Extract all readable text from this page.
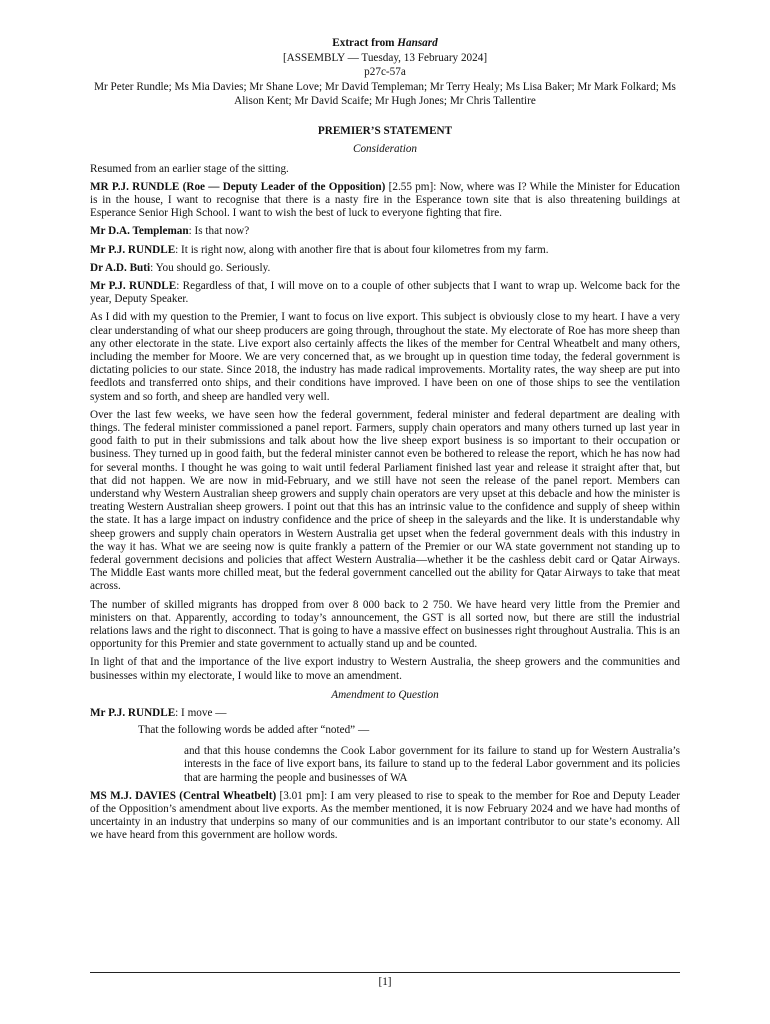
Extract from Hansard
[ASSEMBLY — Tuesday, 13 February 2024]
p27c-57a
Mr Peter Rundle; Ms Mia Davies; Mr Shane Love; Mr David Templeman; Mr Terry Healy; Ms Lisa Baker; Mr Mark Folkard; Ms Alison Kent; Mr David Scaife; Mr Hugh Jones; Mr Chris Tallentire
PREMIER’S STATEMENT
Consideration

Resumed from an earlier stage of the sitting.

MR P.J. RUNDLE (Roe — Deputy Leader of the Opposition) [2.55 pm]: Now, where was I? While the Minister for Education is in the house, I want to recognise that there is a nasty fire in the Esperance town site that is also threatening buildings at Esperance Senior High School. I want to wish the best of luck to everyone fighting that fire.

Mr D.A. Templeman: Is that now?

Mr P.J. RUNDLE: It is right now, along with another fire that is about four kilometres from my farm.

Dr A.D. Buti: You should go. Seriously.

Mr P.J. RUNDLE: Regardless of that, I will move on to a couple of other subjects that I want to wrap up. Welcome back for the year, Deputy Speaker.

As I did with my question to the Premier, I want to focus on live export. This subject is obviously close to my heart. I have a very clear understanding of what our sheep producers are going through, throughout the state. My electorate of Roe has more sheep than any other electorate in the state. Live export also certainly affects the likes of the member for Central Wheatbelt and many others, including the member for Moore. We are very concerned that, as we brought up in question time today, the federal government is dictating policies to our state. Since 2018, the industry has made radical improvements. Mortality rates, the way sheep are put into feedlots and transferred onto ships, and their conditions have improved. I have been on one of those ships to see the ventilation system and so forth, and sheep are handled very well.

Over the last few weeks, we have seen how the federal government, federal minister and federal department are dealing with things. The federal minister commissioned a panel report. Farmers, supply chain operators and many others turned up last year in good faith to put in their submissions and talk about how the live sheep export business is so important to their occupation or business. They turned up in good faith, but the federal minister cannot even be bothered to release the report, which he has now had for several months. I thought he was going to wait until federal Parliament finished last year and release it straight after that, but that did not happen. We are now in mid-February, and we still have not seen the release of the panel report. Members can understand why Western Australian sheep growers and supply chain operators are very upset at this debacle and how the minister is treating Western Australian sheep growers. I point out that this has an intrinsic value to the confidence and supply of sheep within the state. It has a large impact on industry confidence and the price of sheep in the saleyards and the like. It is understandable why sheep growers and supply chain operators in Western Australia get upset when the federal government deals with this industry in the way it has. What we are seeing now is quite frankly a pattern of the Premier or our WA state government not standing up to federal government decisions and policies that affect Western Australia—whether it be the cashless debit card or Qatar Airways. The Middle East wants more chilled meat, but the federal government cancelled out the ability for Qatar Airways to take that meat across.

The number of skilled migrants has dropped from over 8 000 back to 2 750. We have heard very little from the Premier and ministers on that. Apparently, according to today’s announcement, the GST is all sorted now, but there are still the industrial relations laws and the right to disconnect. That is going to have a massive effect on businesses right throughout Australia. This is an opportunity for this Premier and state government to actually stand up and be counted.

In light of that and the importance of the live export industry to Western Australia, the sheep growers and the communities and businesses within my electorate, I would like to move an amendment.

Amendment to Question

Mr P.J. RUNDLE: I move —

That the following words be added after “noted” —

and that this house condemns the Cook Labor government for its failure to stand up for Western Australia’s interests in the face of live export bans, its failure to stand up to the federal Labor government and its policies that are harming the people and businesses of WA

MS M.J. DAVIES (Central Wheatbelt) [3.01 pm]: I am very pleased to rise to speak to the member for Roe and Deputy Leader of the Opposition’s amendment about live exports. As the member mentioned, it is now February 2024 and we have had months of uncertainty in an industry that underpins so many of our communities and is an important contributor to our state’s economy. All we have heard from this government are hollow words.

[1]
